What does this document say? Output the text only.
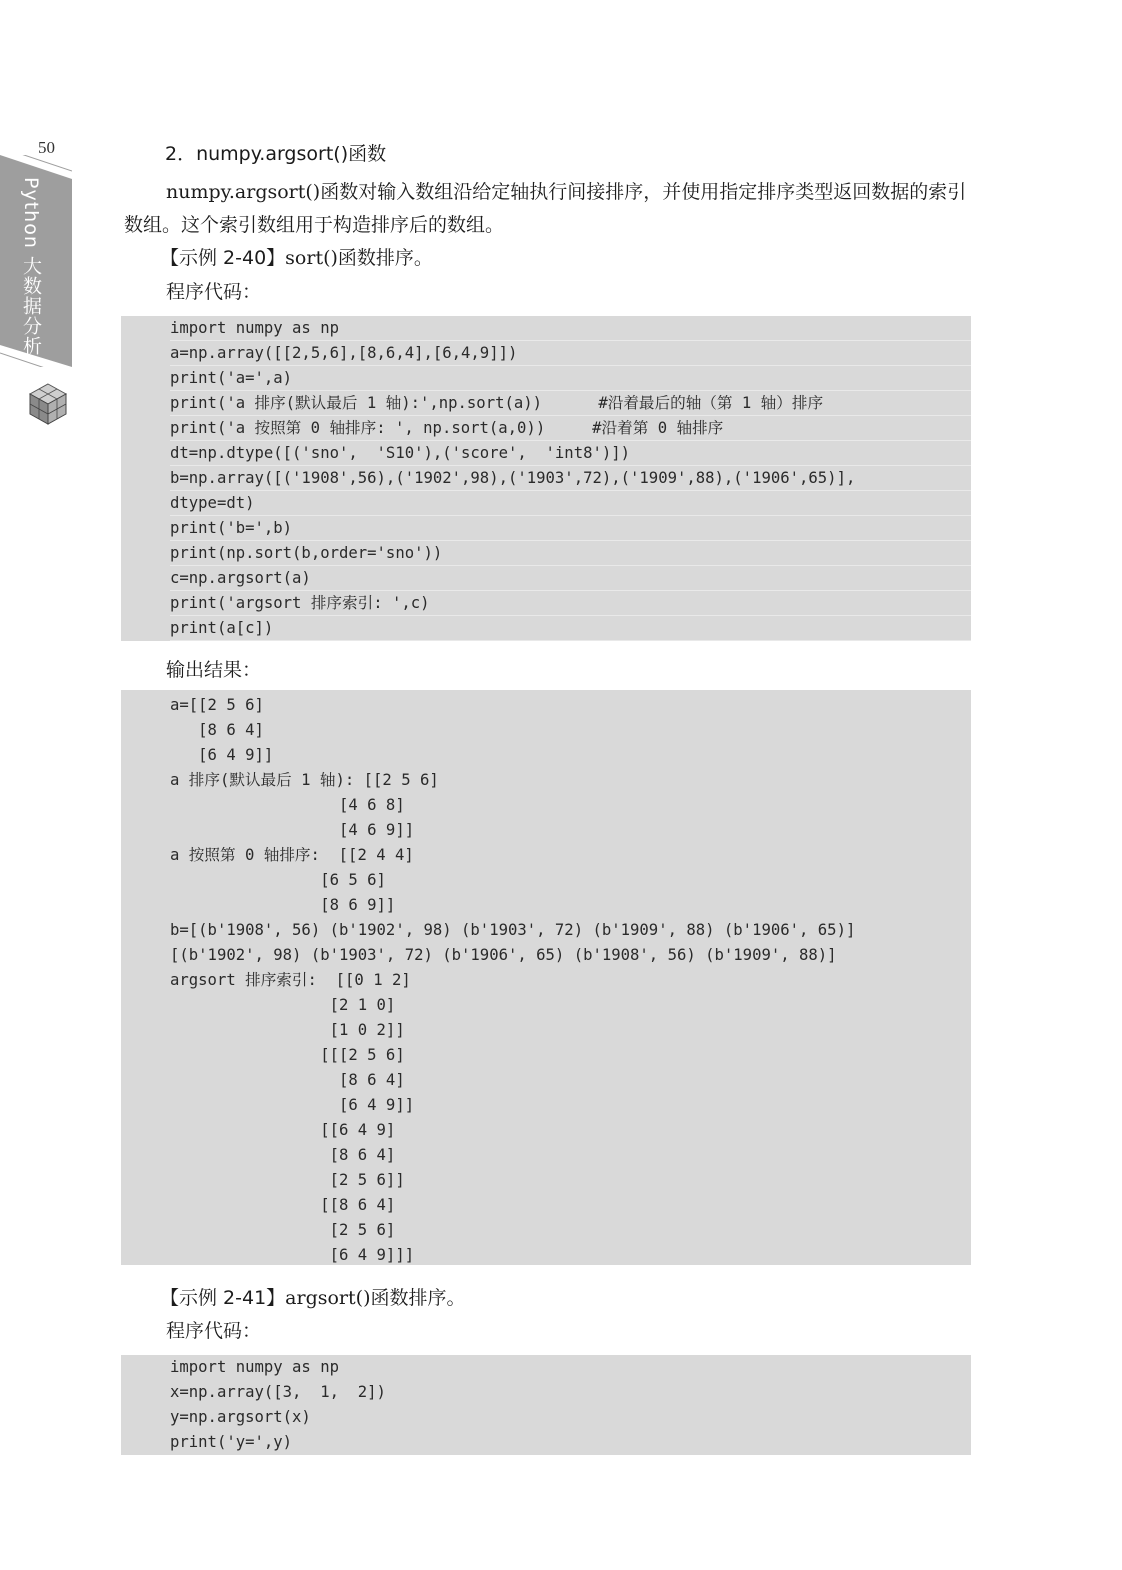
50
Python 大数据分析
2．numpy.argsort()函数
numpy.argsort()函数对输入数组沿给定轴执行间接排序，并使用指定排序类型返回数据的索引数组。这个索引数组用于构造排序后的数组。
【示例 2-40】sort()函数排序。
程序代码：
import numpy as np
a=np.array([[2,5,6],[8,6,4],[6,4,9]])
print('a=',a)
print('a 排序(默认最后 1 轴):',np.sort(a))      #沿着最后的轴（第 1 轴）排序
print('a 按照第 0 轴排序: ', np.sort(a,0))     #沿着第 0 轴排序
dt=np.dtype([('sno',  'S10'),('score',  'int8')])
b=np.array([('1908',56),('1902',98),('1903',72),('1909',88),('1906',65)],
dtype=dt)
print('b=',b)
print(np.sort(b,order='sno'))
c=np.argsort(a)
print('argsort 排序索引: ',c)
print(a[c])
输出结果：
a=[[2 5 6]
[8 6 4]
[6 4 9]]
a 排序(默认最后 1 轴): [[2 5 6]
[4 6 8]
[4 6 9]]
a 按照第 0 轴排序:  [[2 4 4]
[6 5 6]
[8 6 9]]
b=[(b'1908', 56) (b'1902', 98) (b'1903', 72) (b'1909', 88) (b'1906', 65)]
[(b'1902', 98) (b'1903', 72) (b'1906', 65) (b'1908', 56) (b'1909', 88)]
argsort 排序索引:  [[0 1 2]
[2 1 0]
[1 0 2]]
[[[2 5 6]
[8 6 4]
[6 4 9]]
[[6 4 9]
[8 6 4]
[2 5 6]]
[[8 6 4]
[2 5 6]
[6 4 9]]]
【示例 2-41】argsort()函数排序。
程序代码：
import numpy as np
x=np.array([3,  1,  2])
y=np.argsort(x)
print('y=',y)
